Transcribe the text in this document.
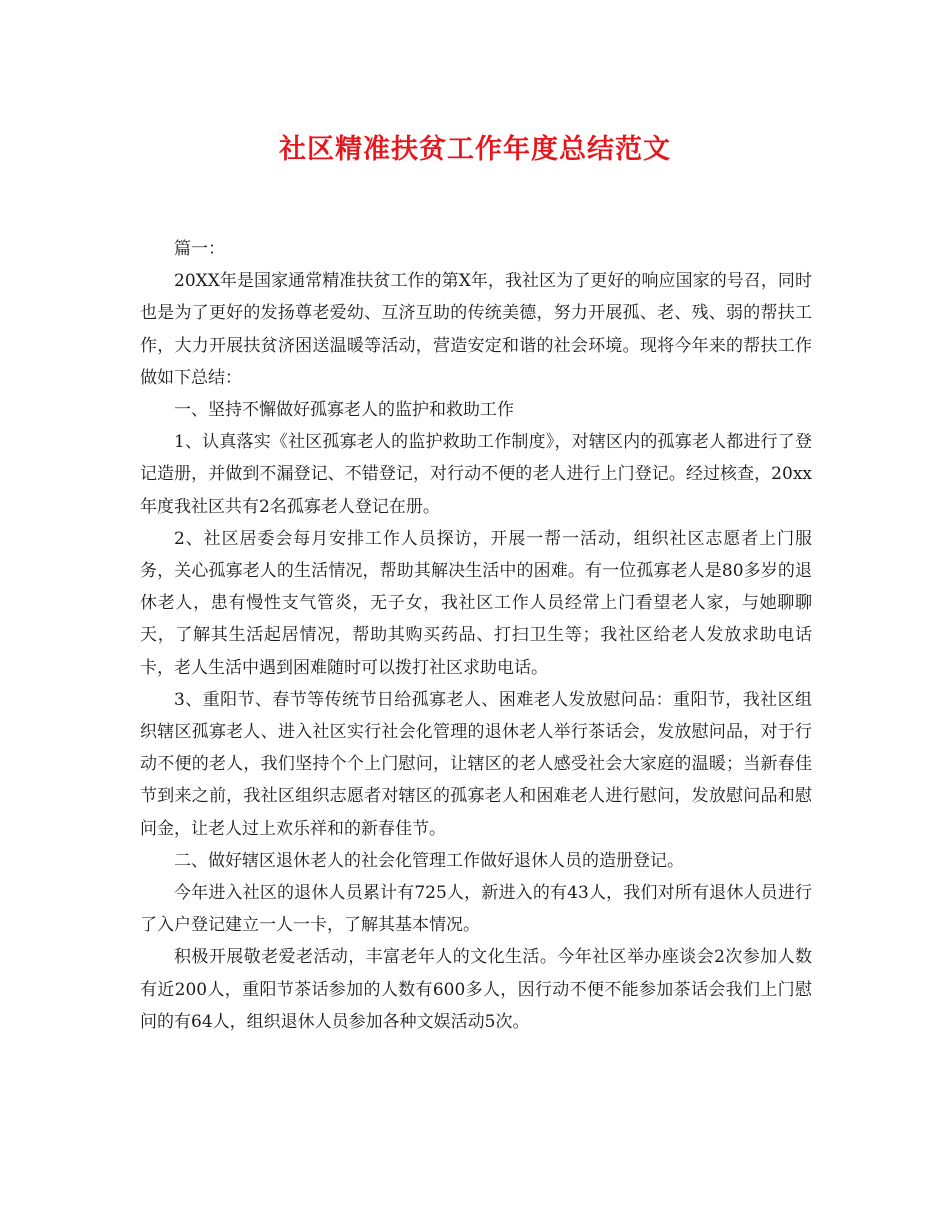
社区精准扶贫工作年度总结范文

篇一：

20XX年是国家通常精准扶贫工作的第X年，我社区为了更好的响应国家的号召，同时也是为了更好的发扬尊老爱幼、互济互助的传统美德，努力开展孤、老、残、弱的帮扶工作，大力开展扶贫济困送温暖等活动，营造安定和谐的社会环境。现将今年来的帮扶工作做如下总结：

一、坚持不懈做好孤寡老人的监护和救助工作

1、认真落实《社区孤寡老人的监护救助工作制度》，对辖区内的孤寡老人都进行了登记造册，并做到不漏登记、不错登记，对行动不便的老人进行上门登记。经过核查，20xx年度我社区共有2名孤寡老人登记在册。

2、社区居委会每月安排工作人员探访，开展一帮一活动，组织社区志愿者上门服务，关心孤寡老人的生活情况，帮助其解决生活中的困难。有一位孤寡老人是80多岁的退休老人，患有慢性支气管炎，无子女，我社区工作人员经常上门看望老人家，与她聊聊天，了解其生活起居情况，帮助其购买药品、打扫卫生等；我社区给老人发放求助电话卡，老人生活中遇到困难随时可以拨打社区求助电话。

3、重阳节、春节等传统节日给孤寡老人、困难老人发放慰问品：重阳节，我社区组织辖区孤寡老人、进入社区实行社会化管理的退休老人举行茶话会，发放慰问品，对于行动不便的老人，我们坚持个个上门慰问，让辖区的老人感受社会大家庭的温暖；当新春佳节到来之前，我社区组织志愿者对辖区的孤寡老人和困难老人进行慰问，发放慰问品和慰问金，让老人过上欢乐祥和的新春佳节。

二、做好辖区退休老人的社会化管理工作做好退休人员的造册登记。

今年进入社区的退休人员累计有725人，新进入的有43人，我们对所有退休人员进行了入户登记建立一人一卡，了解其基本情况。

积极开展敬老爱老活动，丰富老年人的文化生活。今年社区举办座谈会2次参加人数有近200人，重阳节茶话参加的人数有600多人，因行动不便不能参加茶话会我们上门慰问的有64人，组织退休人员参加各种文娱活动5次。
